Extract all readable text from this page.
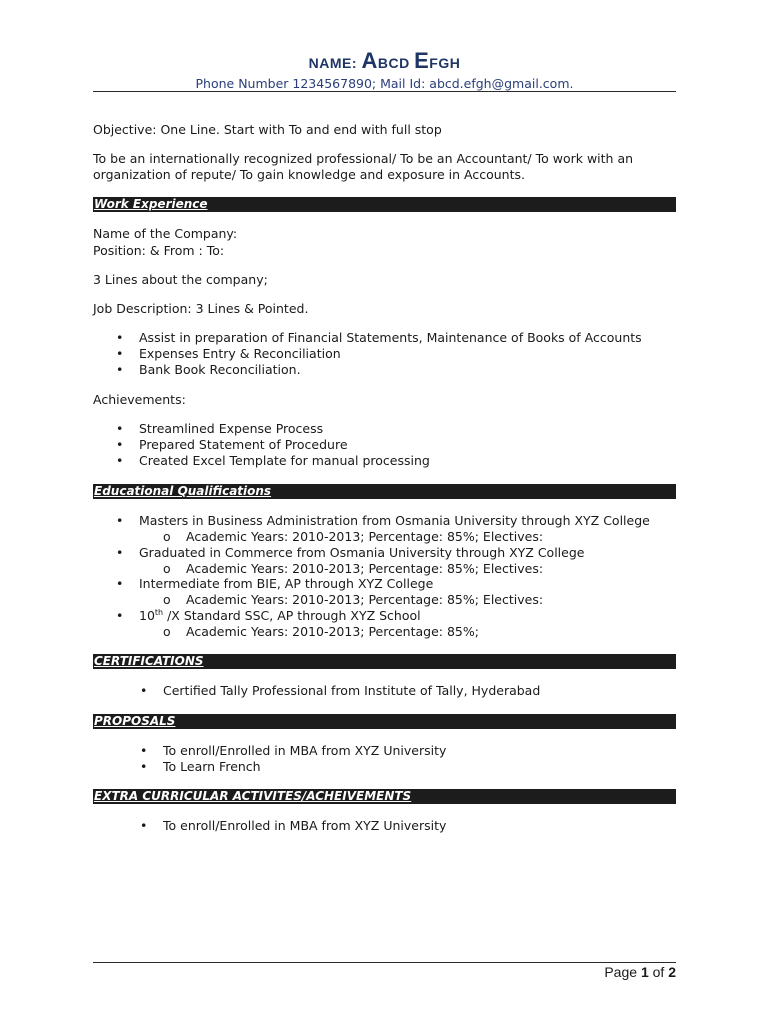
NAME: ABCD EFGH
Phone Number 1234567890; Mail Id: abcd.efgh@gmail.com.
Objective: One Line. Start with To and end with full stop
To be an internationally recognized professional/ To be an Accountant/ To work with an
organization of repute/ To gain knowledge and exposure in Accounts.
Work Experience
Name of the Company:
Position: & From : To:
3 Lines about the company;
Job Description: 3 Lines & Pointed.
• Assist in preparation of Financial Statements, Maintenance of Books of Accounts
• Expenses Entry & Reconciliation
• Bank Book Reconciliation.
Achievements:
• Streamlined Expense Process
• Prepared Statement of Procedure
• Created Excel Template for manual processing
Educational Qualifications
• Masters in Business Administration from Osmania University through XYZ College
o Academic Years: 2010-2013; Percentage: 85%; Electives:
• Graduated in Commerce from Osmania University through XYZ College
o Academic Years: 2010-2013; Percentage: 85%; Electives:
• Intermediate from BIE, AP through XYZ College
o Academic Years: 2010-2013; Percentage: 85%; Electives:
• 10th /X Standard SSC, AP through XYZ School
o Academic Years: 2010-2013; Percentage: 85%;
CERTIFICATIONS
• Certified Tally Professional from Institute of Tally, Hyderabad
PROPOSALS
• To enroll/Enrolled in MBA from XYZ University
• To Learn French
EXTRA CURRICULAR ACTIVITES/ACHEIVEMENTS
• To enroll/Enrolled in MBA from XYZ University
Page 1 of 2
